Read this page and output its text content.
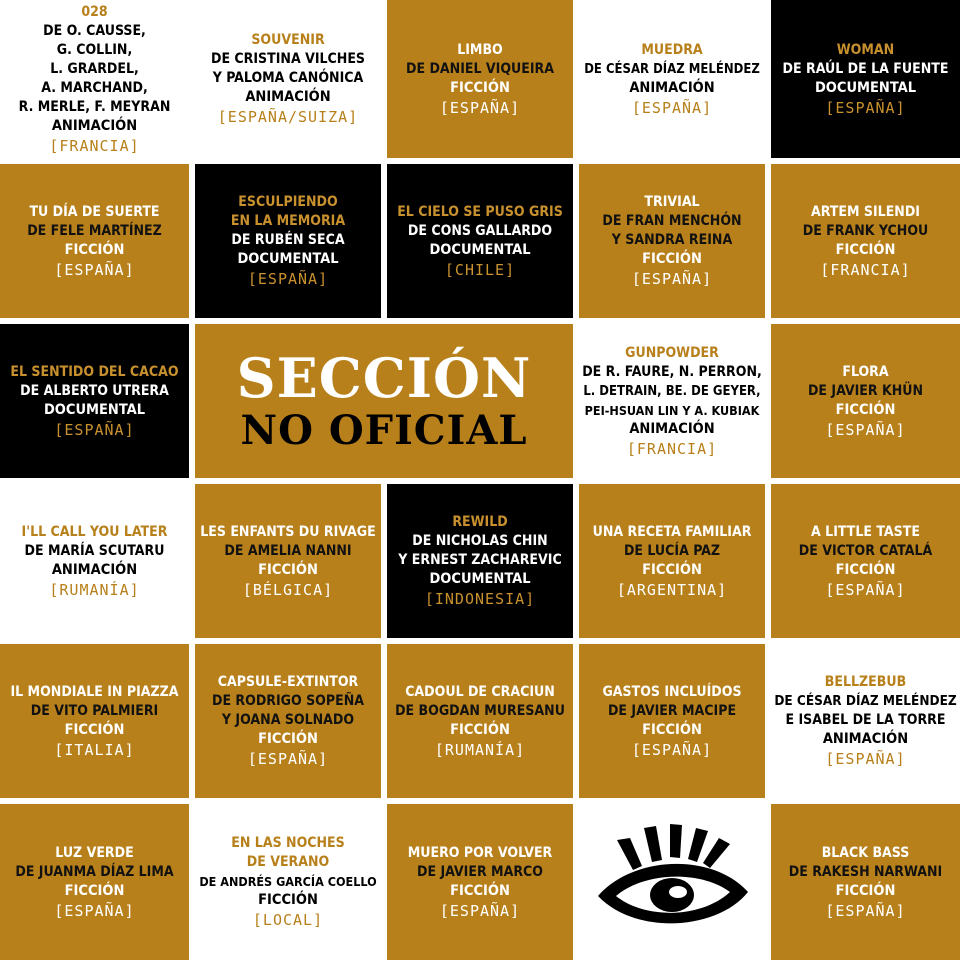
SECCIÓN
NO OFICIAL
028
DE O. CAUSSE,
G. COLLIN,
L. GRARDEL,
A. MARCHAND,
R. MERLE, F. MEYRAN
ANIMACIÓN
[FRANCIA]
SOUVENIR
DE CRISTINA VILCHES
Y PALOMA CANÓNICA
ANIMACIÓN
[ESPAÑA/SUIZA]
LIMBO
DE DANIEL VIQUEIRA
FICCIÓN
[ESPAÑA]
MUEDRA
DE CÉSAR DÍAZ MELÉNDEZ
ANIMACIÓN
[ESPAÑA]
WOMAN
DE RAÚL DE LA FUENTE
DOCUMENTAL
[ESPAÑA]
TU DÍA DE SUERTE
DE FELE MARTÍNEZ
FICCIÓN
[ESPAÑA]
ESCULPIENDO
EN LA MEMORIA
DE RUBÉN SECA
DOCUMENTAL
[ESPAÑA]
EL CIELO SE PUSO GRIS
DE CONS GALLARDO
DOCUMENTAL
[CHILE]
TRIVIAL
DE FRAN MENCHÓN
Y SANDRA REINA
FICCIÓN
[ESPAÑA]
ARTEM SILENDI
DE FRANK YCHOU
FICCIÓN
[FRANCIA]
EL SENTIDO DEL CACAO
DE ALBERTO UTRERA
DOCUMENTAL
[ESPAÑA]
GUNPOWDER
DE R. FAURE, N. PERRON,
L. DETRAIN, BE. DE GEYER,
PEI-HSUAN LIN Y A. KUBIAK
ANIMACIÓN
[FRANCIA]
FLORA
DE JAVIER KHÜN
FICCIÓN
[ESPAÑA]
I'LL CALL YOU LATER
DE MARÍA SCUTARU
ANIMACIÓN
[RUMANÍA]
LES ENFANTS DU RIVAGE
DE AMELIA NANNI
FICCIÓN
[BÉLGICA]
REWILD
DE NICHOLAS CHIN
Y ERNEST ZACHAREVIC
DOCUMENTAL
[INDONESIA]
UNA RECETA FAMILIAR
DE LUCÍA PAZ
FICCIÓN
[ARGENTINA]
A LITTLE TASTE
DE VICTOR CATALÁ
FICCIÓN
[ESPAÑA]
IL MONDIALE IN PIAZZA
DE VITO PALMIERI
FICCIÓN
[ITALIA]
CAPSULE-EXTINTOR
DE RODRIGO SOPEÑA
Y JOANA SOLNADO
FICCIÓN
[ESPAÑA]
CADOUL DE CRACIUN
DE BOGDAN MURESANU
FICCIÓN
[RUMANÍA]
GASTOS INCLUÍDOS
DE JAVIER MACIPE
FICCIÓN
[ESPAÑA]
BELLZEBUB
DE CÉSAR DÍAZ MELÉNDEZ
E ISABEL DE LA TORRE
ANIMACIÓN
[ESPAÑA]
LUZ VERDE
DE JUANMA DÍAZ LIMA
FICCIÓN
[ESPAÑA]
EN LAS NOCHES
DE VERANO
DE ANDRÉS GARCÍA COELLO
FICCIÓN
[LOCAL]
MUERO POR VOLVER
DE JAVIER MARCO
FICCIÓN
[ESPAÑA]
BLACK BASS
DE RAKESH NARWANI
FICCIÓN
[ESPAÑA]
